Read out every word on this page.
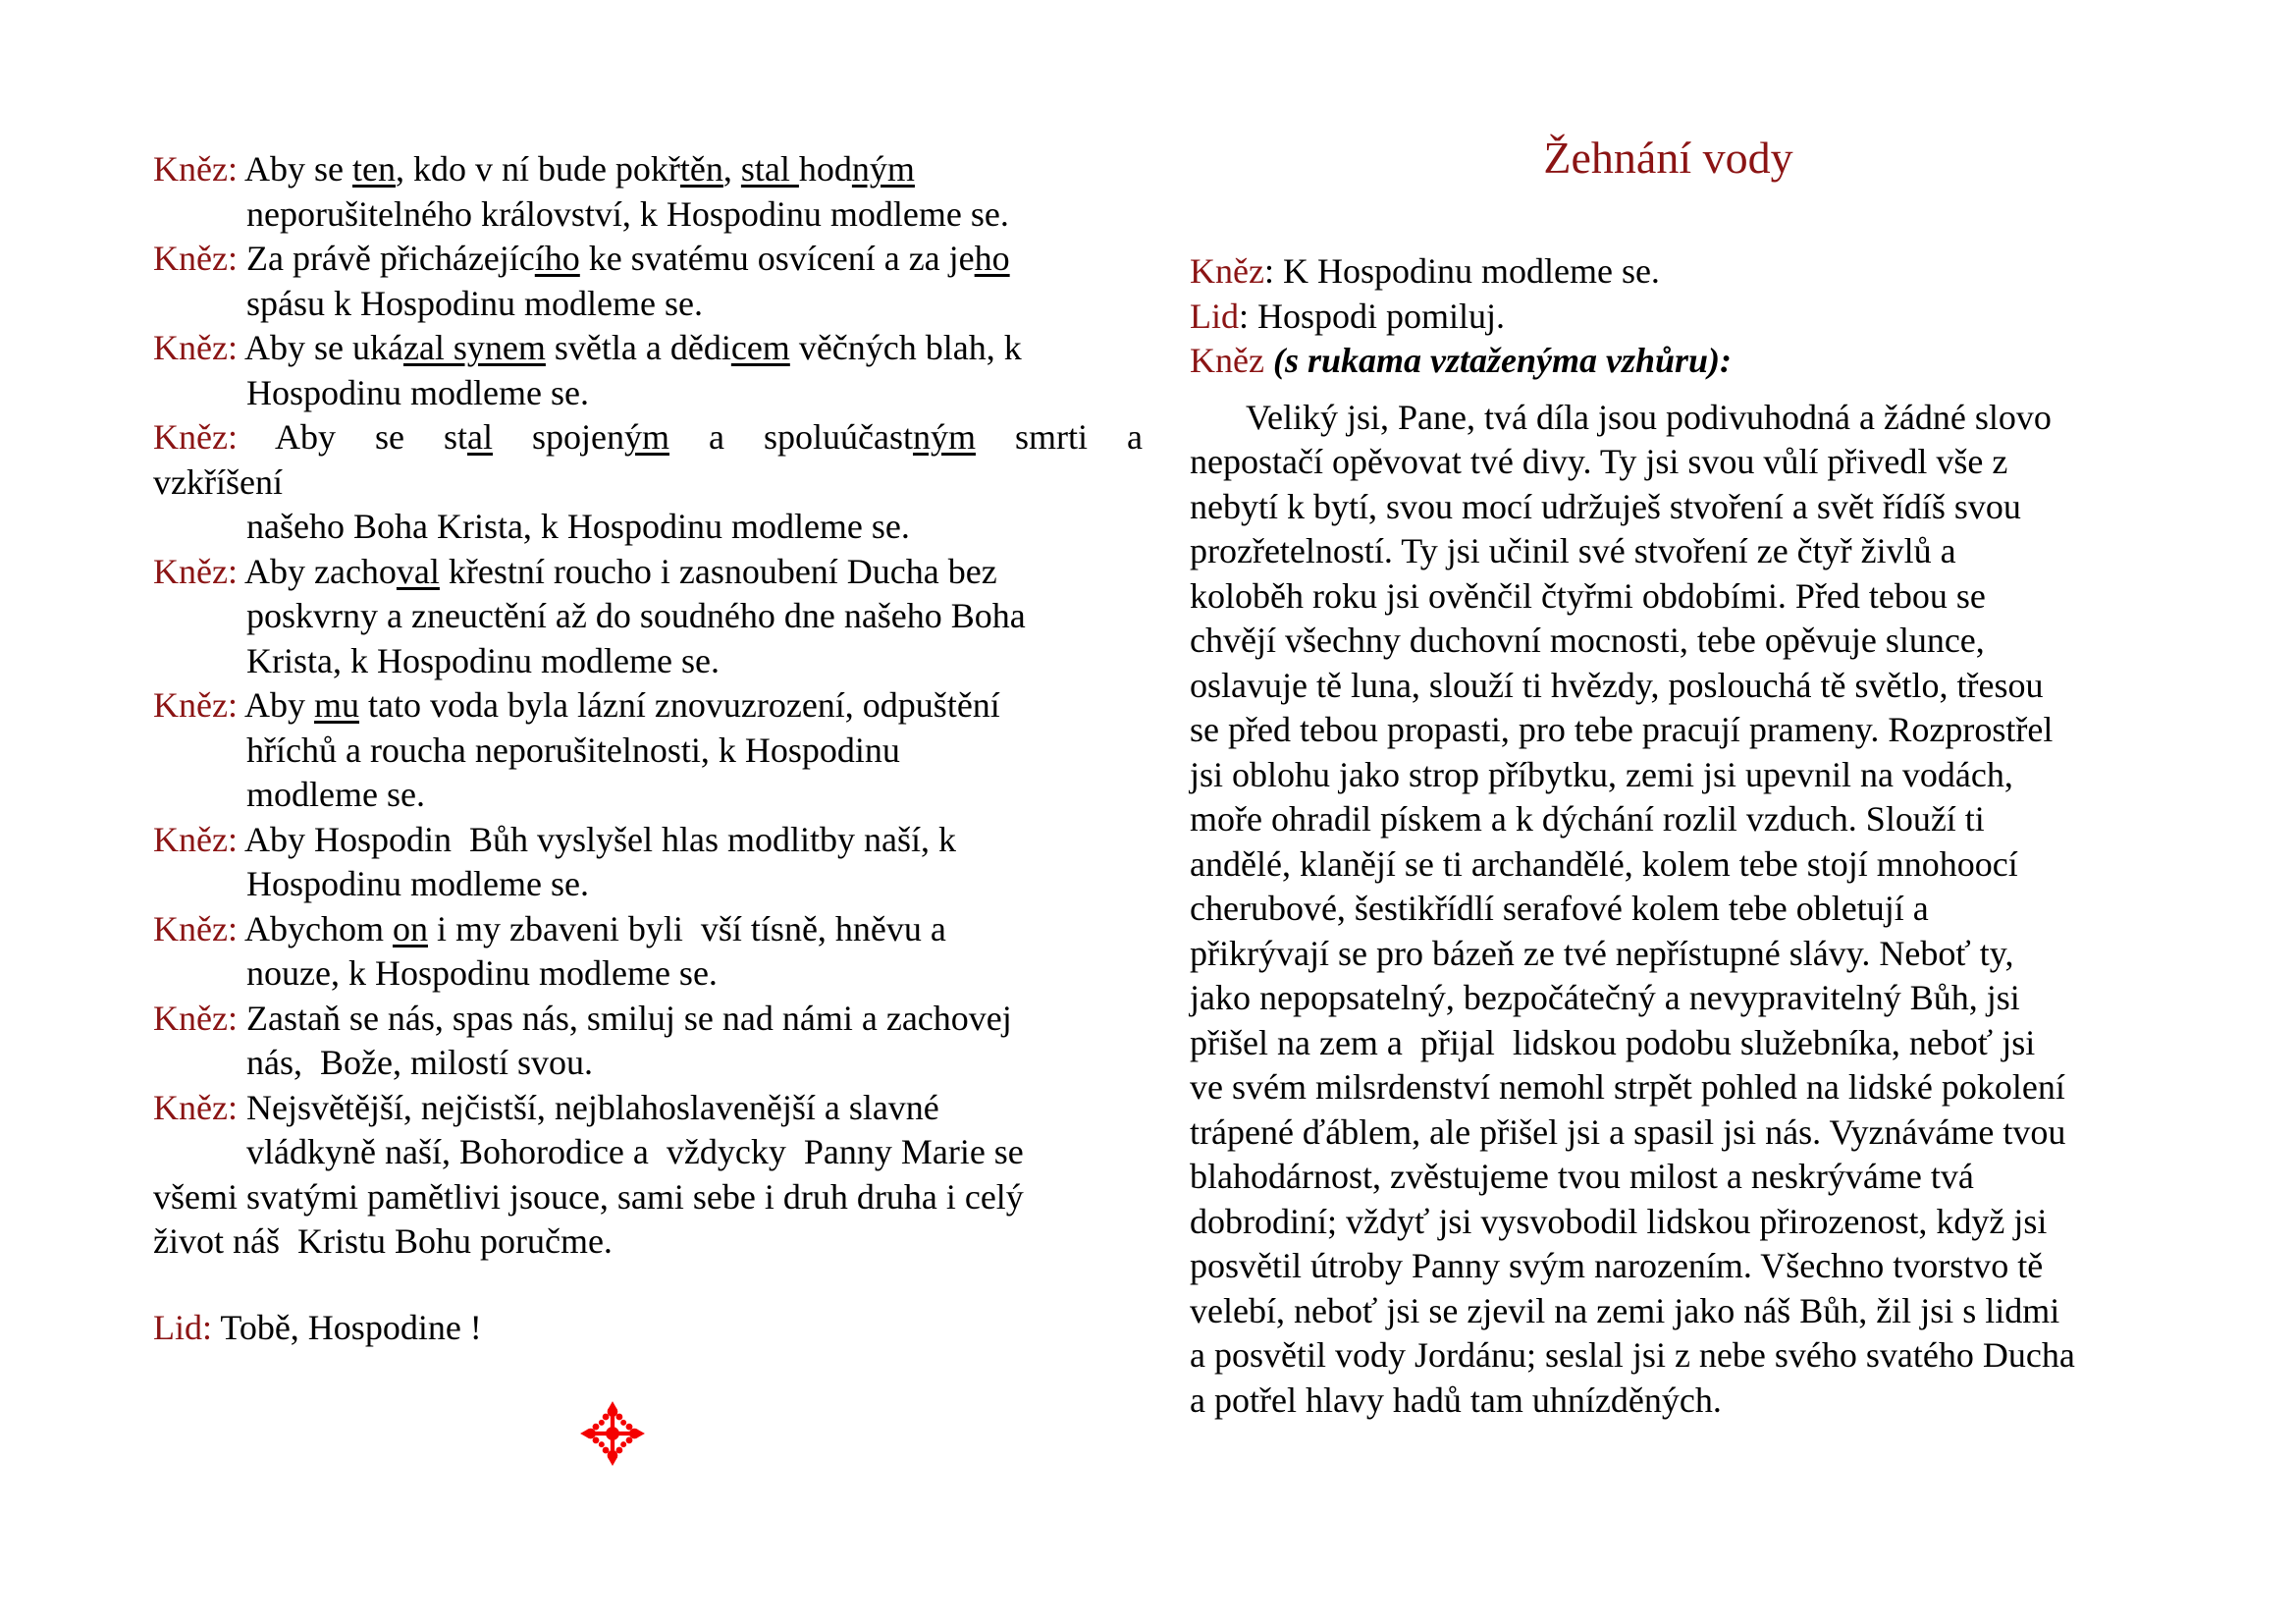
Kněz: Aby se ten, kdo v ní bude pokřtěn, stal hodným
neporušitelného království, k Hospodinu modleme se.
Kněz: Za právě přicházejícího ke svatému osvícení a za jeho
spásu k Hospodinu modleme se.
Kněz: Aby se ukázal synem světla a dědicem věčných blah, k
Hospodinu modleme se.
Kněz: Aby se stal spojeným a spoluúčastným smrti a
vzkříšení
našeho Boha Krista, k Hospodinu modleme se.
Kněz: Aby zachoval křestní roucho i zasnoubení Ducha bez
poskvrny a zneuctění až do soudného dne našeho Boha
Krista, k Hospodinu modleme se.
Kněz: Aby mu tato voda byla lázní znovuzrození, odpuštění
hříchů a roucha neporušitelnosti, k Hospodinu
modleme se.
Kněz: Aby Hospodin  Bůh vyslyšel hlas modlitby naší, k
Hospodinu modleme se.
Kněz: Abychom on i my zbaveni byli  vší tísně, hněvu a
nouze, k Hospodinu modleme se.
Kněz: Zastaň se nás, spas nás, smiluj se nad námi a zachovej
nás,  Bože, milostí svou.
Kněz: Nejsvětější, nejčistší, nejblahoslavenější a slavné
vládkyně naší, Bohorodice a  vždycky  Panny Marie se
všemi svatými pamětlivi jsouce, sami sebe i druh druha i celý
život náš  Kristu Bohu poručme.
Lid: Tobě, Hospodine !
Žehnání vody
Kněz: K Hospodinu modleme se.
Lid: Hospodi pomiluj.
Kněz (s rukama vztaženýma vzhůru):
Veliký jsi, Pane, tvá díla jsou podivuhodná a žádné slovo
nepostačí opěvovat tvé divy. Ty jsi svou vůlí přivedl vše z
nebytí k bytí, svou mocí udržuješ stvoření a svět řídíš svou
prozřetelností. Ty jsi učinil své stvoření ze čtyř živlů a
koloběh roku jsi ověnčil čtyřmi obdobími. Před tebou se
chvějí všechny duchovní mocnosti, tebe opěvuje slunce,
oslavuje tě luna, slouží ti hvězdy, poslouchá tě světlo, třesou
se před tebou propasti, pro tebe pracují prameny. Rozprostřel
jsi oblohu jako strop příbytku, zemi jsi upevnil na vodách,
moře ohradil pískem a k dýchání rozlil vzduch. Slouží ti
andělé, klanějí se ti archandělé, kolem tebe stojí mnohoocí
cherubové, šestikřídlí serafové kolem tebe obletují a
přikrývají se pro bázeň ze tvé nepřístupné slávy. Neboť ty,
jako nepopsatelný, bezpočátečný a nevypravitelný Bůh, jsi
přišel na zem a  přijal  lidskou podobu služebníka, neboť jsi
ve svém milsrdenství nemohl strpět pohled na lidské pokolení
trápené ďáblem, ale přišel jsi a spasil jsi nás. Vyznáváme tvou
blahodárnost, zvěstujeme tvou milost a neskrýváme tvá
dobrodiní; vždyť jsi vysvobodil lidskou přirozenost, když jsi
posvětil útroby Panny svým narozením. Všechno tvorstvo tě
velebí, neboť jsi se zjevil na zemi jako náš Bůh, žil jsi s lidmi
a posvětil vody Jordánu; seslal jsi z nebe svého svatého Ducha
a potřel hlavy hadů tam uhnízděných.
